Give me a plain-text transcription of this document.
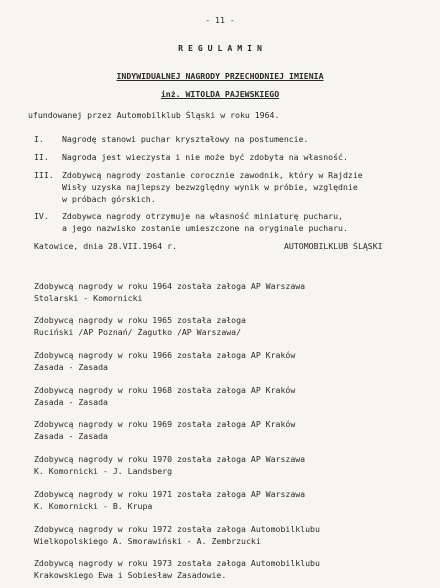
- 11 -
R E G U L A M I N
INDYWIDUALNEJ NAGRODY PRZECHODNIEJ IMIENIA
inż. WITOLDA PAJEWSKIEGO
ufundowanej przez Automobilklub Śląski w roku 1964.
I. Nagrodę stanowi puchar kryształowy na postumencie.
II. Nagroda jest wieczysta i nie może być zdobyta na własność.
III. Zdobywcą nagrody zostanie corocznie zawodnik, który w Rajdzie
Wisły uzyska najlepszy bezwzględny wynik w próbie, względnie
w próbach górskich.
IV. Zdobywca nagrody otrzymuje na własność miniaturę pucharu,
a jego nazwisko zostanie umieszczone na oryginale pucharu.
Katowice, dnia 28.VII.1964 r.	AUTOMOBILKLUB ŚLĄSKI
Zdobywcą nagrody w roku 1964 została załoga AP Warszawa
Stolarski - Komornicki
Zdobywcą nagrody w roku 1965 została załoga
Ruciński /AP Poznań/ Żagutko /AP Warszawa/
Zdobywcą nagrody w roku 1966 została załoga AP Kraków
Zasada - Zasada
Zdobywcą nagrody w roku 1968 została załoga AP Kraków
Zasada - Zasada
Zdobywcą nagrody w roku 1969 została załoga AP Kraków
Zasada - Zasada
Zdobywcą nagrody w roku 1970 została załoga AP Warszawa
K. Komornicki - J. Landsberg
Zdobywcą nagrody w roku 1971 została załoga AP Warszawa
K. Komornicki - B. Krupa
Zdobywcą nagrody w roku 1972 została załoga Automobilklubu
Wielkopolskiego A. Smorawiński - A. Zembrzucki
Zdobywcą nagrody w roku 1973 została załoga Automobilklubu
Krakowskiego Ewa i Sobiesław Zasadowie.
